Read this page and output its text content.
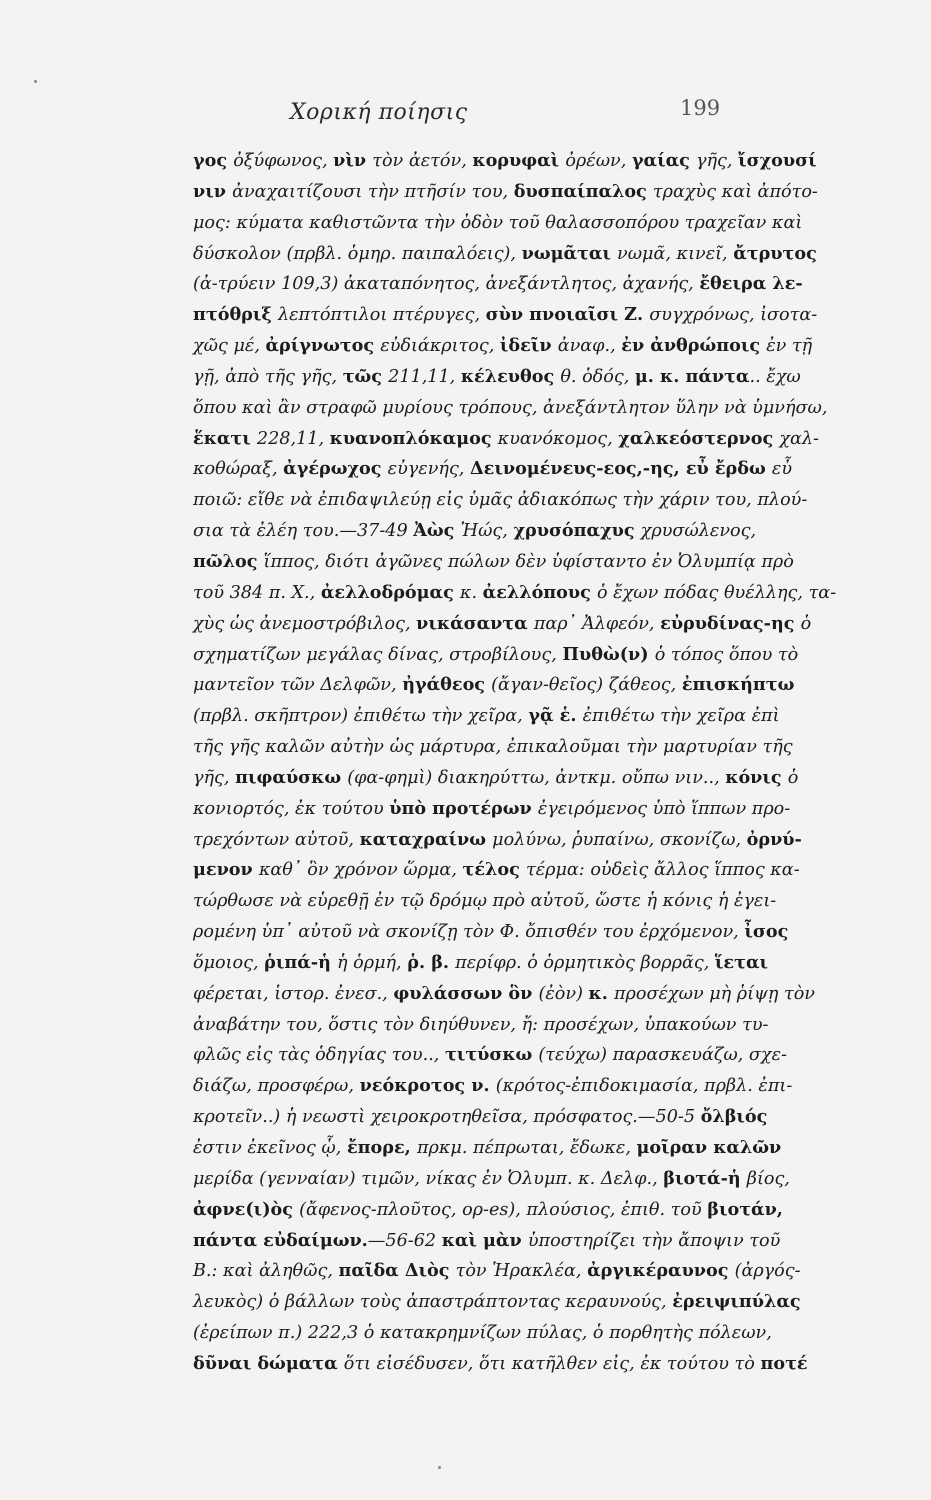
Χορική ποίησις	199
γος ὀξύφωνος, νὶν τὸν ἀετόν, κορυφαὶ ὀρέων, γαίας γῆς, ἴσχουσί
νιν ἀναχαιτίζουσι τὴν πτῆσίν του, δυσπαίπαλος τραχὺς καὶ ἀπότο-
μος: κύματα καθιστῶντα τὴν ὁδὸν τοῦ θαλασσοπόρου τραχεῖαν καὶ
δύσκολον (πρβλ. ὁμηρ. παιπαλόεις), νωμᾶται νωμᾶ, κινεῖ, ἄτρυτος
(ἀ-τρύειν 109,3) ἀκαταπόνητος, ἀνεξάντλητος, ἀχανής, ἔθειρα λε-
πτόθριξ λεπτόπτιλοι πτέρυγες, σὺν πνοιαῖσι Ζ. συγχρόνως, ἰσοτα-
χῶς μέ, ἀρίγνωτος εὐδιάκριτος, ἰδεῖν ἀναφ., ἐν ἀνθρώποις ἐν τῇ
γῇ, ἀπὸ τῆς γῆς, τῶς 211,11, κέλευθος θ. ὁδός, μ. κ. πάντα.. ἔχω
ὅπου καὶ ἂν στραφῶ μυρίους τρόπους, ἀνεξάντλητον ὕλην νὰ ὑμνήσω,
ἕκατι 228,11, κυανοπλόκαμος κυανόκομος, χαλκεόστερνος χαλ-
κοθώραξ, ἀγέρωχος εὐγενής, Δεινομένευς-εος,-ης, εὖ ἔρδω εὖ
ποιῶ: εἴθε νὰ ἐπιδαψιλεύῃ εἰς ὑμᾶς ἀδιακόπως τὴν χάριν του, πλού-
σια τὰ ἐλέη του.—37-49 Ἀὼς Ἠώς, χρυσόπαχυς χρυσώλενος,
πῶλος ἵππος, διότι ἀγῶνες πώλων δὲν ὑφίσταντο ἐν Ὀλυμπίᾳ πρὸ
τοῦ 384 π. Χ., ἀελλοδρόμας κ. ἀελλόπους ὁ ἔχων πόδας θυέλλης, τα-
χὺς ὡς ἀνεμοστρόβιλος, νικάσαντα παρ᾽ Ἀλφεόν, εὐρυδίνας-ης ὁ
σχηματίζων μεγάλας δίνας, στροβίλους, Πυθὼ(ν) ὁ τόπος ὅπου τὸ
μαντεῖον τῶν Δελφῶν, ἠγάθεος (ἄγαν-θεῖος) ζάθεος, ἐπισκήπτω
(πρβλ. σκῆπτρον) ἐπιθέτω τὴν χεῖρα, γᾷ ἑ. ἐπιθέτω τὴν χεῖρα ἐπὶ
τῆς γῆς καλῶν αὐτὴν ὡς μάρτυρα, ἐπικαλοῦμαι τὴν μαρτυρίαν τῆς
γῆς, πιφαύσκω (φα-φημὶ) διακηρύττω, ἀντκμ. οὔπω νιν.., κόνις ὁ
κονιορτός, ἐκ τούτου ὑπὸ προτέρων ἐγειρόμενος ὑπὸ ἵππων προ-
τρεχόντων αὐτοῦ, καταχραίνω μολύνω, ῥυπαίνω, σκονίζω, ὀρνύ-
μενον καθ᾽ ὃν χρόνον ὥρμα, τέλος τέρμα: οὐδεὶς ἄλλος ἵππος κα-
τώρθωσε νὰ εὑρεθῇ ἐν τῷ δρόμῳ πρὸ αὐτοῦ, ὥστε ἡ κόνις ἡ ἐγει-
ρομένη ὑπ᾽ αὐτοῦ νὰ σκονίζῃ τὸν Φ. ὄπισθέν του ἐρχόμενον, ἶσος
ὅμοιος, ῥιπά-ἡ ἡ ὁρμή, ῥ. β. περίφρ. ὁ ὁρμητικὸς βορρᾶς, ἵεται
φέρεται, ἱστορ. ἐνεσ., φυλάσσων ὃν (ἐὸν) κ. προσέχων μὴ ῥίψῃ τὸν
ἀναβάτην του, ὅστις τὸν διηύθυνεν, ἤ: προσέχων, ὑπακούων τυ-
φλῶς εἰς τὰς ὁδηγίας του.., τιτύσκω (τεύχω) παρασκευάζω, σχε-
διάζω, προσφέρω, νεόκροτος ν. (κρότος-ἐπιδοκιμασία, πρβλ. ἐπι-
κροτεῖν..) ἡ νεωστὶ χειροκροτηθεῖσα, πρόσφατος.—50-5 ὄλβιός
ἐστιν ἐκεῖνος ᾧ, ἔπορε, πρκμ. πέπρωται, ἔδωκε, μοῖραν καλῶν
μερίδα (γενναίαν) τιμῶν, νίκας ἐν Ὀλυμπ. κ. Δελφ., βιοτά-ἡ βίος,
ἀφνε(ι)ὸς (ἄφενος-πλοῦτος, ορ-es), πλούσιος, ἐπιθ. τοῦ βιοτάν,
πάντα εὐδαίμων.—56-62 καὶ μὰν ὑποστηρίζει τὴν ἄποψιν τοῦ
Β.: καὶ ἀληθῶς, παῖδα Διὸς τὸν Ἡρακλέα, ἀργικέραυνος (ἀργός-
λευκὸς) ὁ βάλλων τοὺς ἀπαστράπτοντας κεραυνούς, ἐρειψιπύλας
(ἐρείπων π.) 222,3 ὁ κατακρημνίζων πύλας, ὁ πορθητὴς πόλεων,
δῦναι δώματα ὅτι εἰσέδυσεν, ὅτι κατῆλθεν εἰς, ἐκ τούτου τὸ ποτέ
